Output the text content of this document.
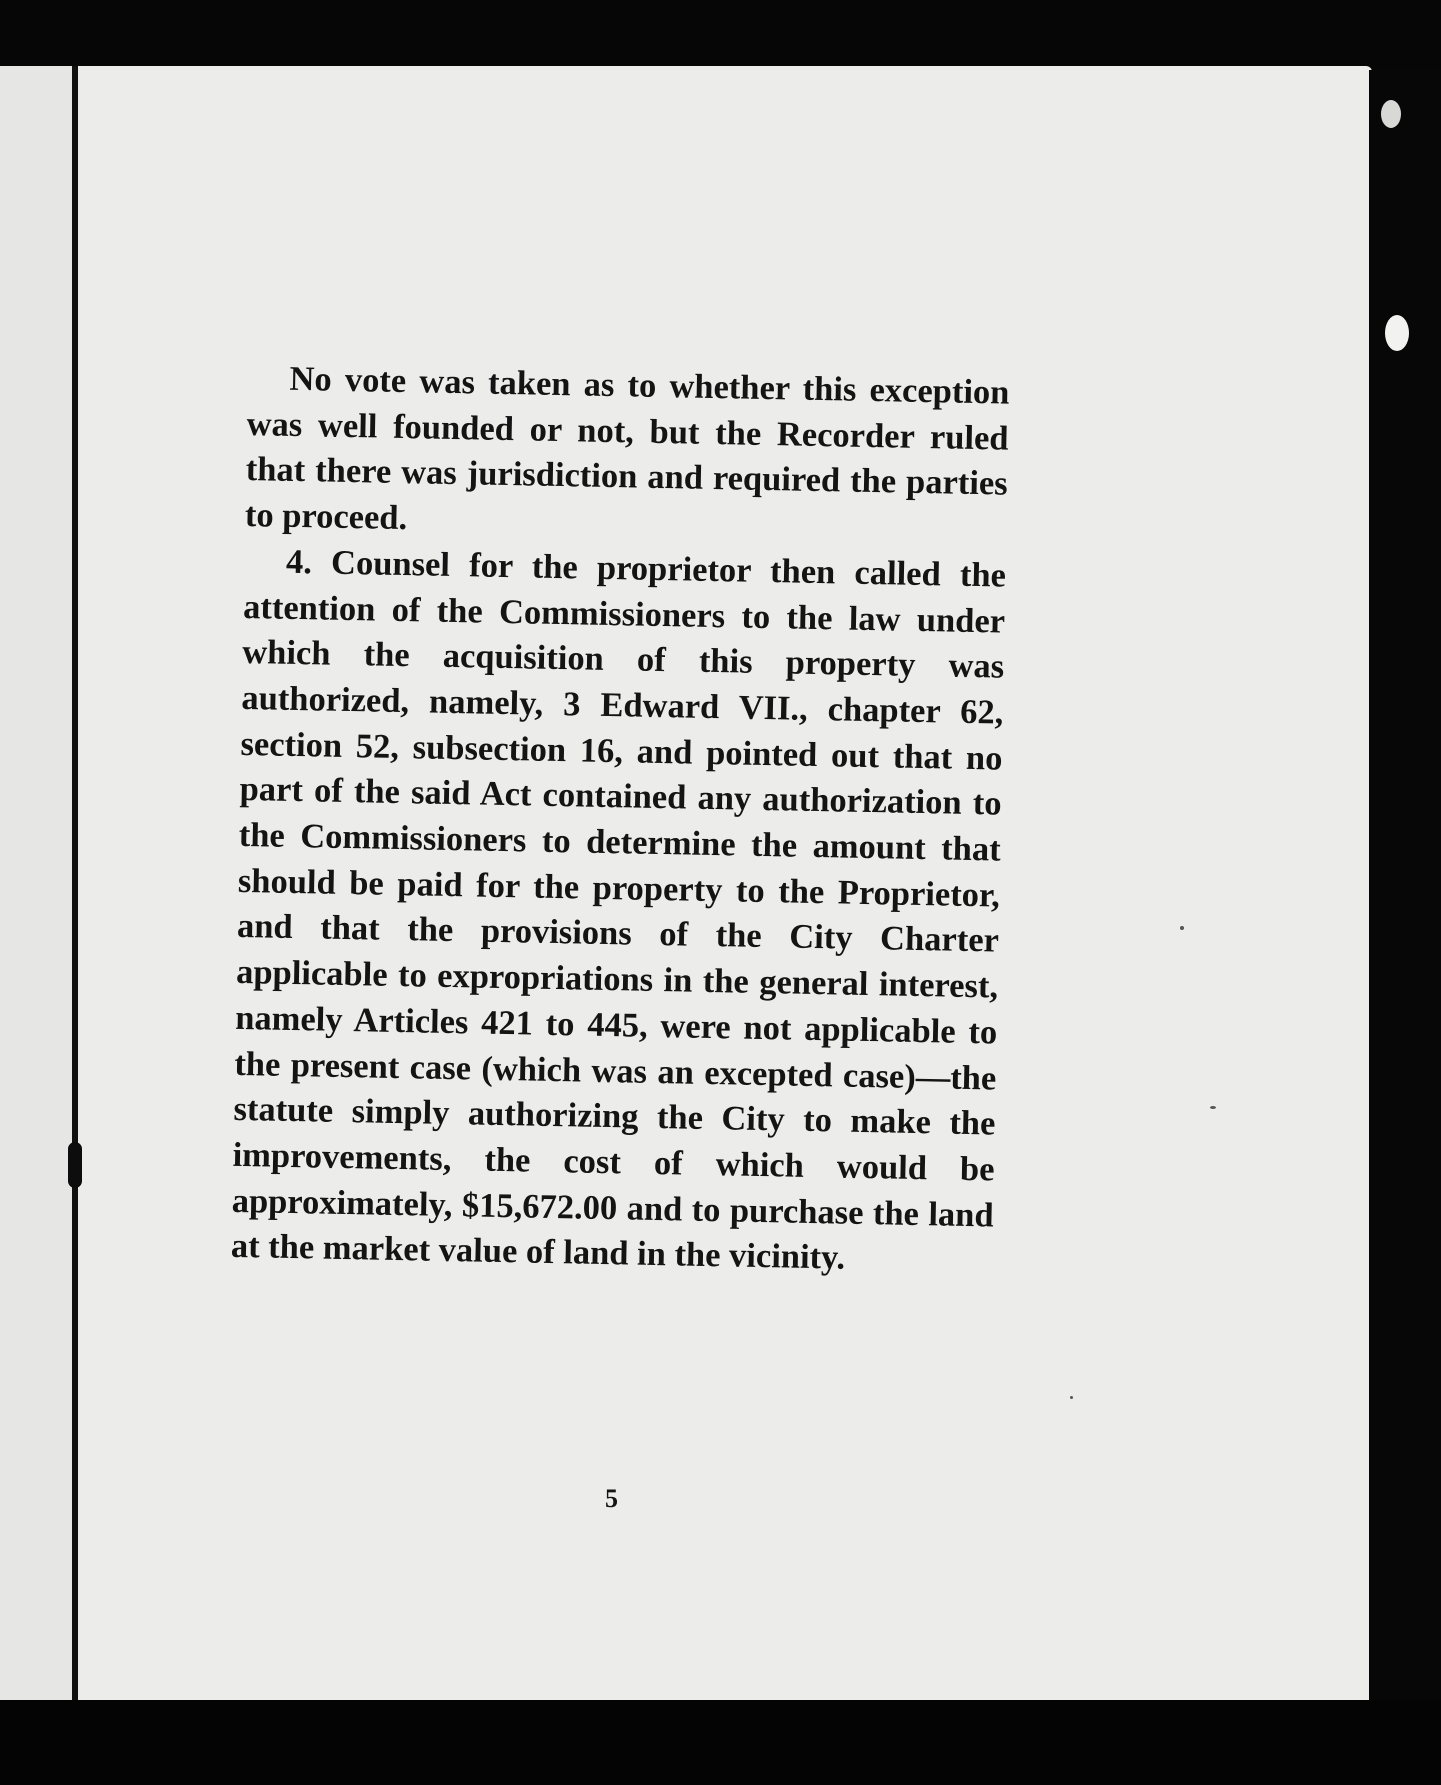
No vote was taken as to whether this exception was well founded or not, but the Recorder ruled that there was jurisdiction and required the parties to proceed.

4. Counsel for the proprietor then called the attention of the Commissioners to the law under which the acquisition of this property was authorized, namely, 3 Edward VII., chapter 62, section 52, subsection 16, and pointed out that no part of the said Act contained any authorization to the Commissioners to determine the amount that should be paid for the property to the Proprietor, and that the provisions of the City Charter applicable to expropriations in the general interest, namely Articles 421 to 445, were not applicable to the present case (which was an excepted case)—the statute simply authorizing the City to make the improvements, the cost of which would be approximately, $15,672.00 and to purchase the land at the market value of land in the vicinity.

5
